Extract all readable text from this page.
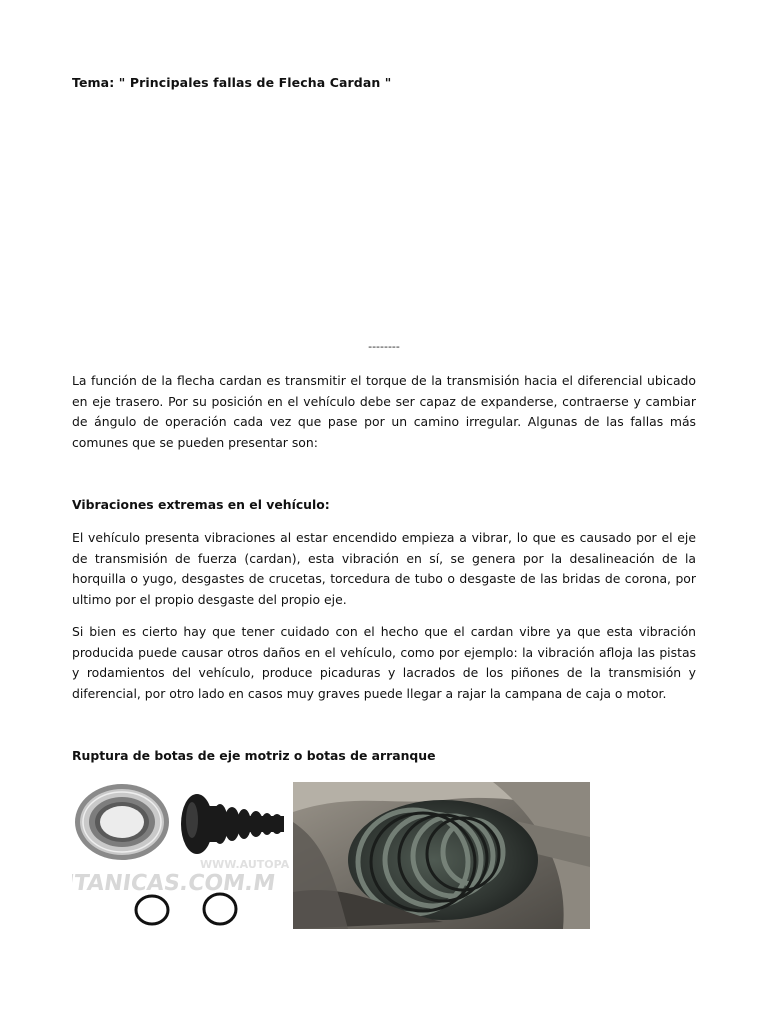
Tema: " Principales fallas de Flecha Cardan "
--------
La función de la flecha cardan es transmitir el torque de la transmisión hacia el diferencial ubicado en eje trasero. Por su posición en el vehículo debe ser capaz de expanderse, contraerse y cambiar de ángulo de operación cada vez que pase por un camino irregular. Algunas de las fallas más comunes que se pueden presentar son:
Vibraciones extremas en el vehículo:
El vehículo presenta vibraciones al estar encendido empieza a vibrar, lo que es causado por el eje de transmisión de fuerza (cardan), esta vibración en sí, se genera por la desalineación de la horquilla o yugo, desgastes de crucetas, torcedura de tubo o desgaste de las bridas de corona, por ultimo por el propio desgaste del propio eje.
Si bien es cierto hay que tener cuidado con el hecho que el cardan vibre ya que esta vibración producida puede causar otros daños en el vehículo, como por ejemplo: la vibración afloja las pistas y rodamientos del vehículo, produce picaduras y lacrados de los piñones de la transmisión y diferencial, por otro lado en casos muy graves puede llegar a rajar la campana de caja o motor.
Ruptura de botas de eje motriz o botas de arranque
ITANICAS.COM.M
WWW.AUTOPA
